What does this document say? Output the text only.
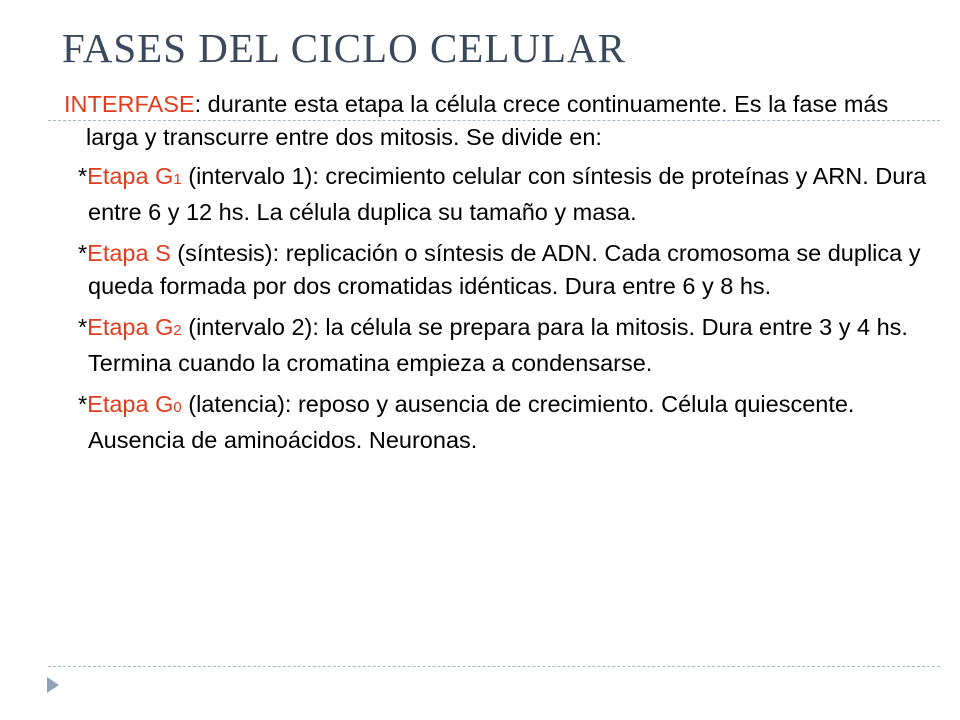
FASES DEL CICLO CELULAR

INTERFASE: durante esta etapa la célula crece continuamente. Es la fase más larga y transcurre entre dos mitosis. Se divide en:

*Etapa G1 (intervalo 1): crecimiento celular con síntesis de proteínas y ARN. Dura entre 6 y 12 hs. La célula duplica su tamaño y masa.

*Etapa S (síntesis): replicación o síntesis de ADN. Cada cromosoma se duplica y queda formada por dos cromatidas idénticas. Dura entre 6 y 8 hs.

*Etapa G2 (intervalo 2): la célula se prepara para la mitosis. Dura entre 3 y 4 hs. Termina cuando la cromatina empieza a condensarse.

*Etapa G0 (latencia): reposo y ausencia de crecimiento. Célula quiescente. Ausencia de aminoácidos. Neuronas.
